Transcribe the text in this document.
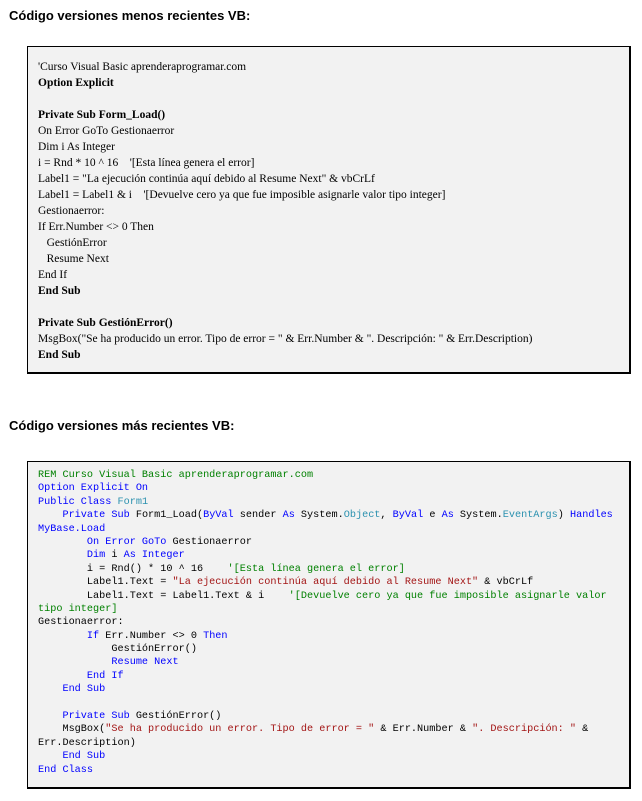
Código versiones menos recientes VB:
'Curso Visual Basic aprenderaprogramar.com
Option Explicit
Private Sub Form_Load()
On Error GoTo Gestionaerror
Dim i As Integer
i = Rnd * 10 ^ 16    '[Esta línea genera el error]
Label1 = "La ejecución continúa aquí debido al Resume Next" & vbCrLf
Label1 = Label1 & i    '[Devuelve cero ya que fue imposible asignarle valor tipo integer]
Gestionaerror:
If Err.Number <> 0 Then
GestiónError
Resume Next
End If
End Sub
Private Sub GestiónError()
MsgBox("Se ha producido un error. Tipo de error = " & Err.Number & ". Descripción: " & Err.Description)
End Sub
Código versiones más recientes VB:
REM Curso Visual Basic aprenderaprogramar.com
Option Explicit On
Public Class Form1
Private Sub Form1_Load(ByVal sender As System.Object, ByVal e As System.EventArgs) Handles
MyBase.Load
On Error GoTo Gestionaerror
Dim i As Integer
i = Rnd() * 10 ^ 16    '[Esta línea genera el error]
Label1.Text = "La ejecución continúa aquí debido al Resume Next" & vbCrLf
Label1.Text = Label1.Text & i    '[Devuelve cero ya que fue imposible asignarle valor
tipo integer]
Gestionaerror:
If Err.Number <> 0 Then
GestiónError()
Resume Next
End If
End Sub
Private Sub GestiónError()
MsgBox("Se ha producido un error. Tipo de error = " & Err.Number & ". Descripción: " &
Err.Description)
End Sub
End Class
